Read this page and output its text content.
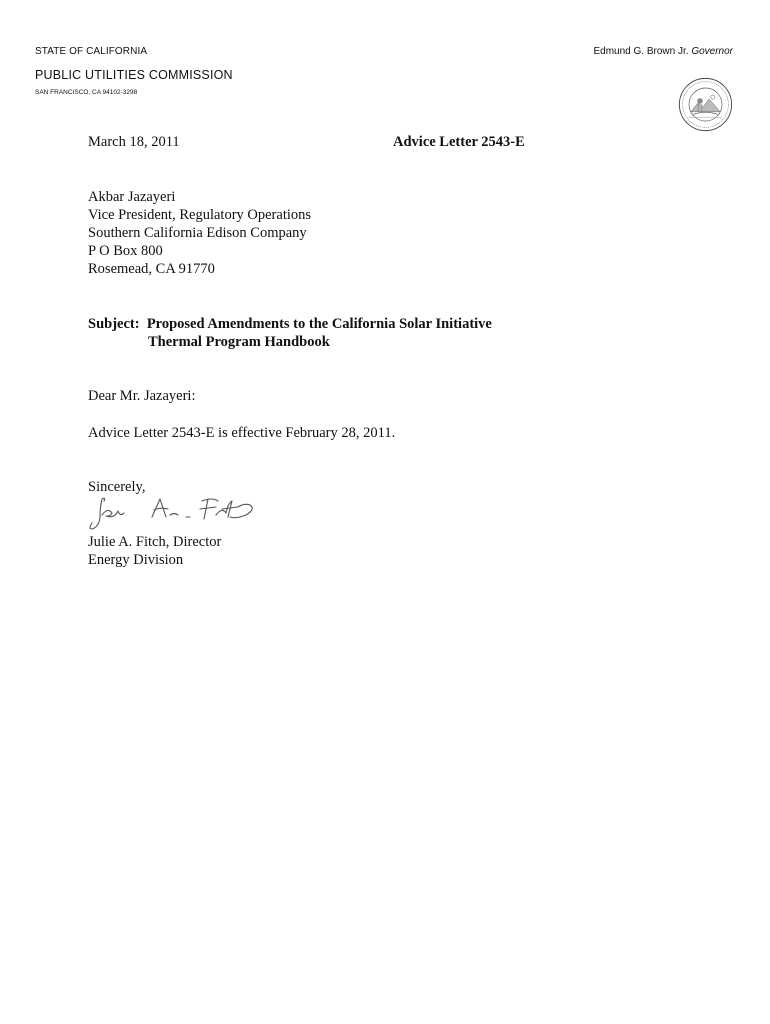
STATE OF CALIFORNIA	Edmund G. Brown Jr. Governor
PUBLIC UTILITIES COMMISSION
SAN FRANCISCO, CA 94102-3298
March 18, 2011	Advice Letter 2543-E
Akbar Jazayeri
Vice President, Regulatory Operations
Southern California Edison Company
P O Box 800
Rosemead, CA 91770
Subject: Proposed Amendments to the California Solar Initiative
Thermal Program Handbook
Dear Mr. Jazayeri:
Advice Letter 2543-E is effective February 28, 2011.
Sincerely,
Julie A. Fitch, Director
Energy Division
